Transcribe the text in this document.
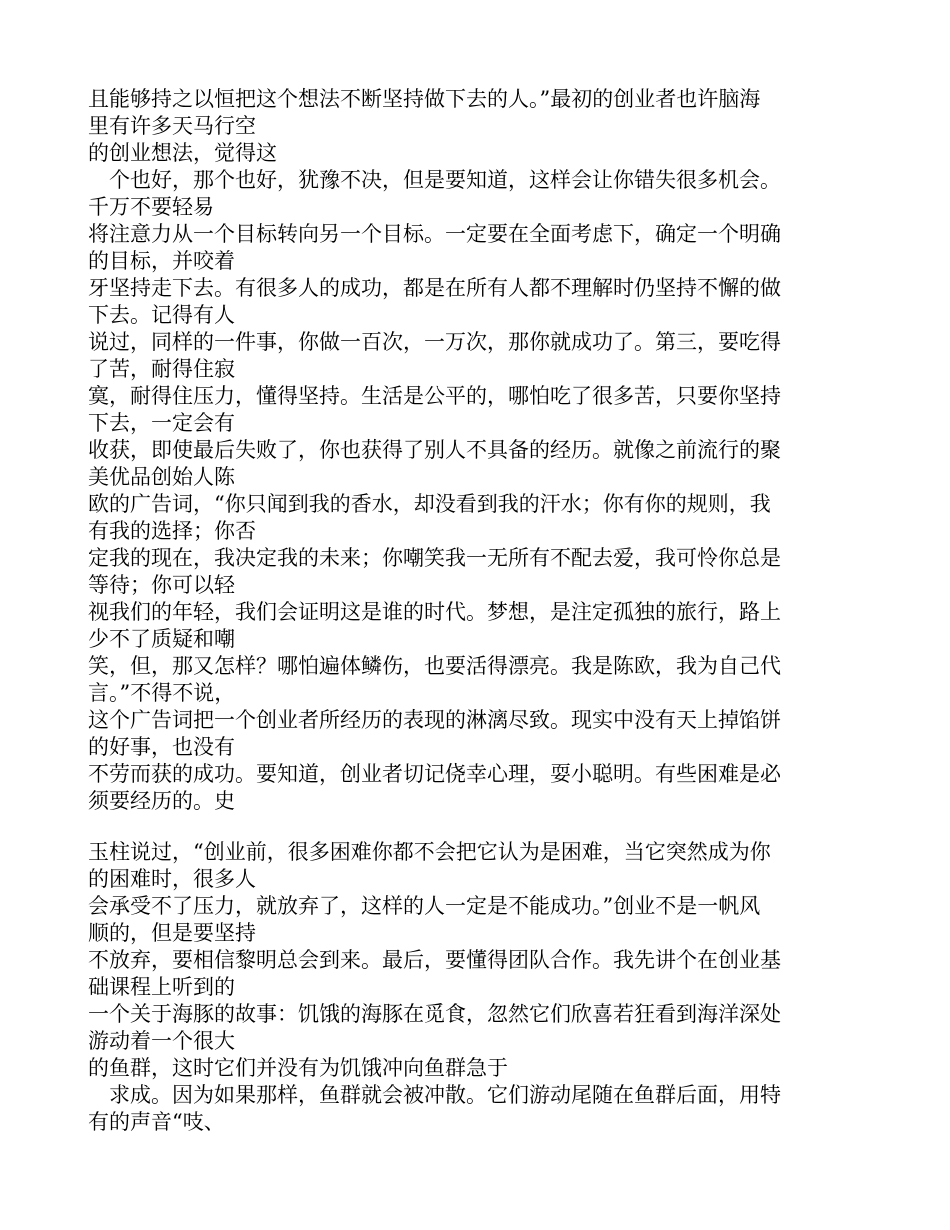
且能够持之以恒把这个想法不断坚持做下去的人。”最初的创业者也许脑海
里有许多天马行空
的创业想法，觉得这
　个也好，那个也好，犹豫不决，但是要知道，这样会让你错失很多机会。
千万不要轻易
将注意力从一个目标转向另一个目标。一定要在全面考虑下，确定一个明确
的目标，并咬着
牙坚持走下去。有很多人的成功，都是在所有人都不理解时仍坚持不懈的做
下去。记得有人
说过，同样的一件事，你做一百次，一万次，那你就成功了。第三，要吃得
了苦，耐得住寂
寞，耐得住压力，懂得坚持。生活是公平的，哪怕吃了很多苦，只要你坚持
下去，一定会有
收获，即使最后失败了，你也获得了别人不具备的经历。就像之前流行的聚
美优品创始人陈
欧的广告词，“你只闻到我的香水，却没看到我的汗水；你有你的规则，我
有我的选择；你否
定我的现在，我决定我的未来；你嘲笑我一无所有不配去爱，我可怜你总是
等待；你可以轻
视我们的年轻，我们会证明这是谁的时代。梦想，是注定孤独的旅行，路上
少不了质疑和嘲
笑，但，那又怎样？哪怕遍体鳞伤，也要活得漂亮。我是陈欧，我为自己代
言。”不得不说，
这个广告词把一个创业者所经历的表现的淋漓尽致。现实中没有天上掉馅饼
的好事，也没有
不劳而获的成功。要知道，创业者切记侥幸心理，耍小聪明。有些困难是必
须要经历的。史
玉柱说过，“创业前，很多困难你都不会把它认为是困难，当它突然成为你
的困难时，很多人
会承受不了压力，就放弃了，这样的人一定是不能成功。”创业不是一帆风
顺的，但是要坚持
不放弃，要相信黎明总会到来。最后，要懂得团队合作。我先讲个在创业基
础课程上听到的
一个关于海豚的故事：饥饿的海豚在觅食，忽然它们欣喜若狂看到海洋深处
游动着一个很大
的鱼群，这时它们并没有为饥饿冲向鱼群急于
　求成。因为如果那样，鱼群就会被冲散。它们游动尾随在鱼群后面，用特
有的声音“吱、
